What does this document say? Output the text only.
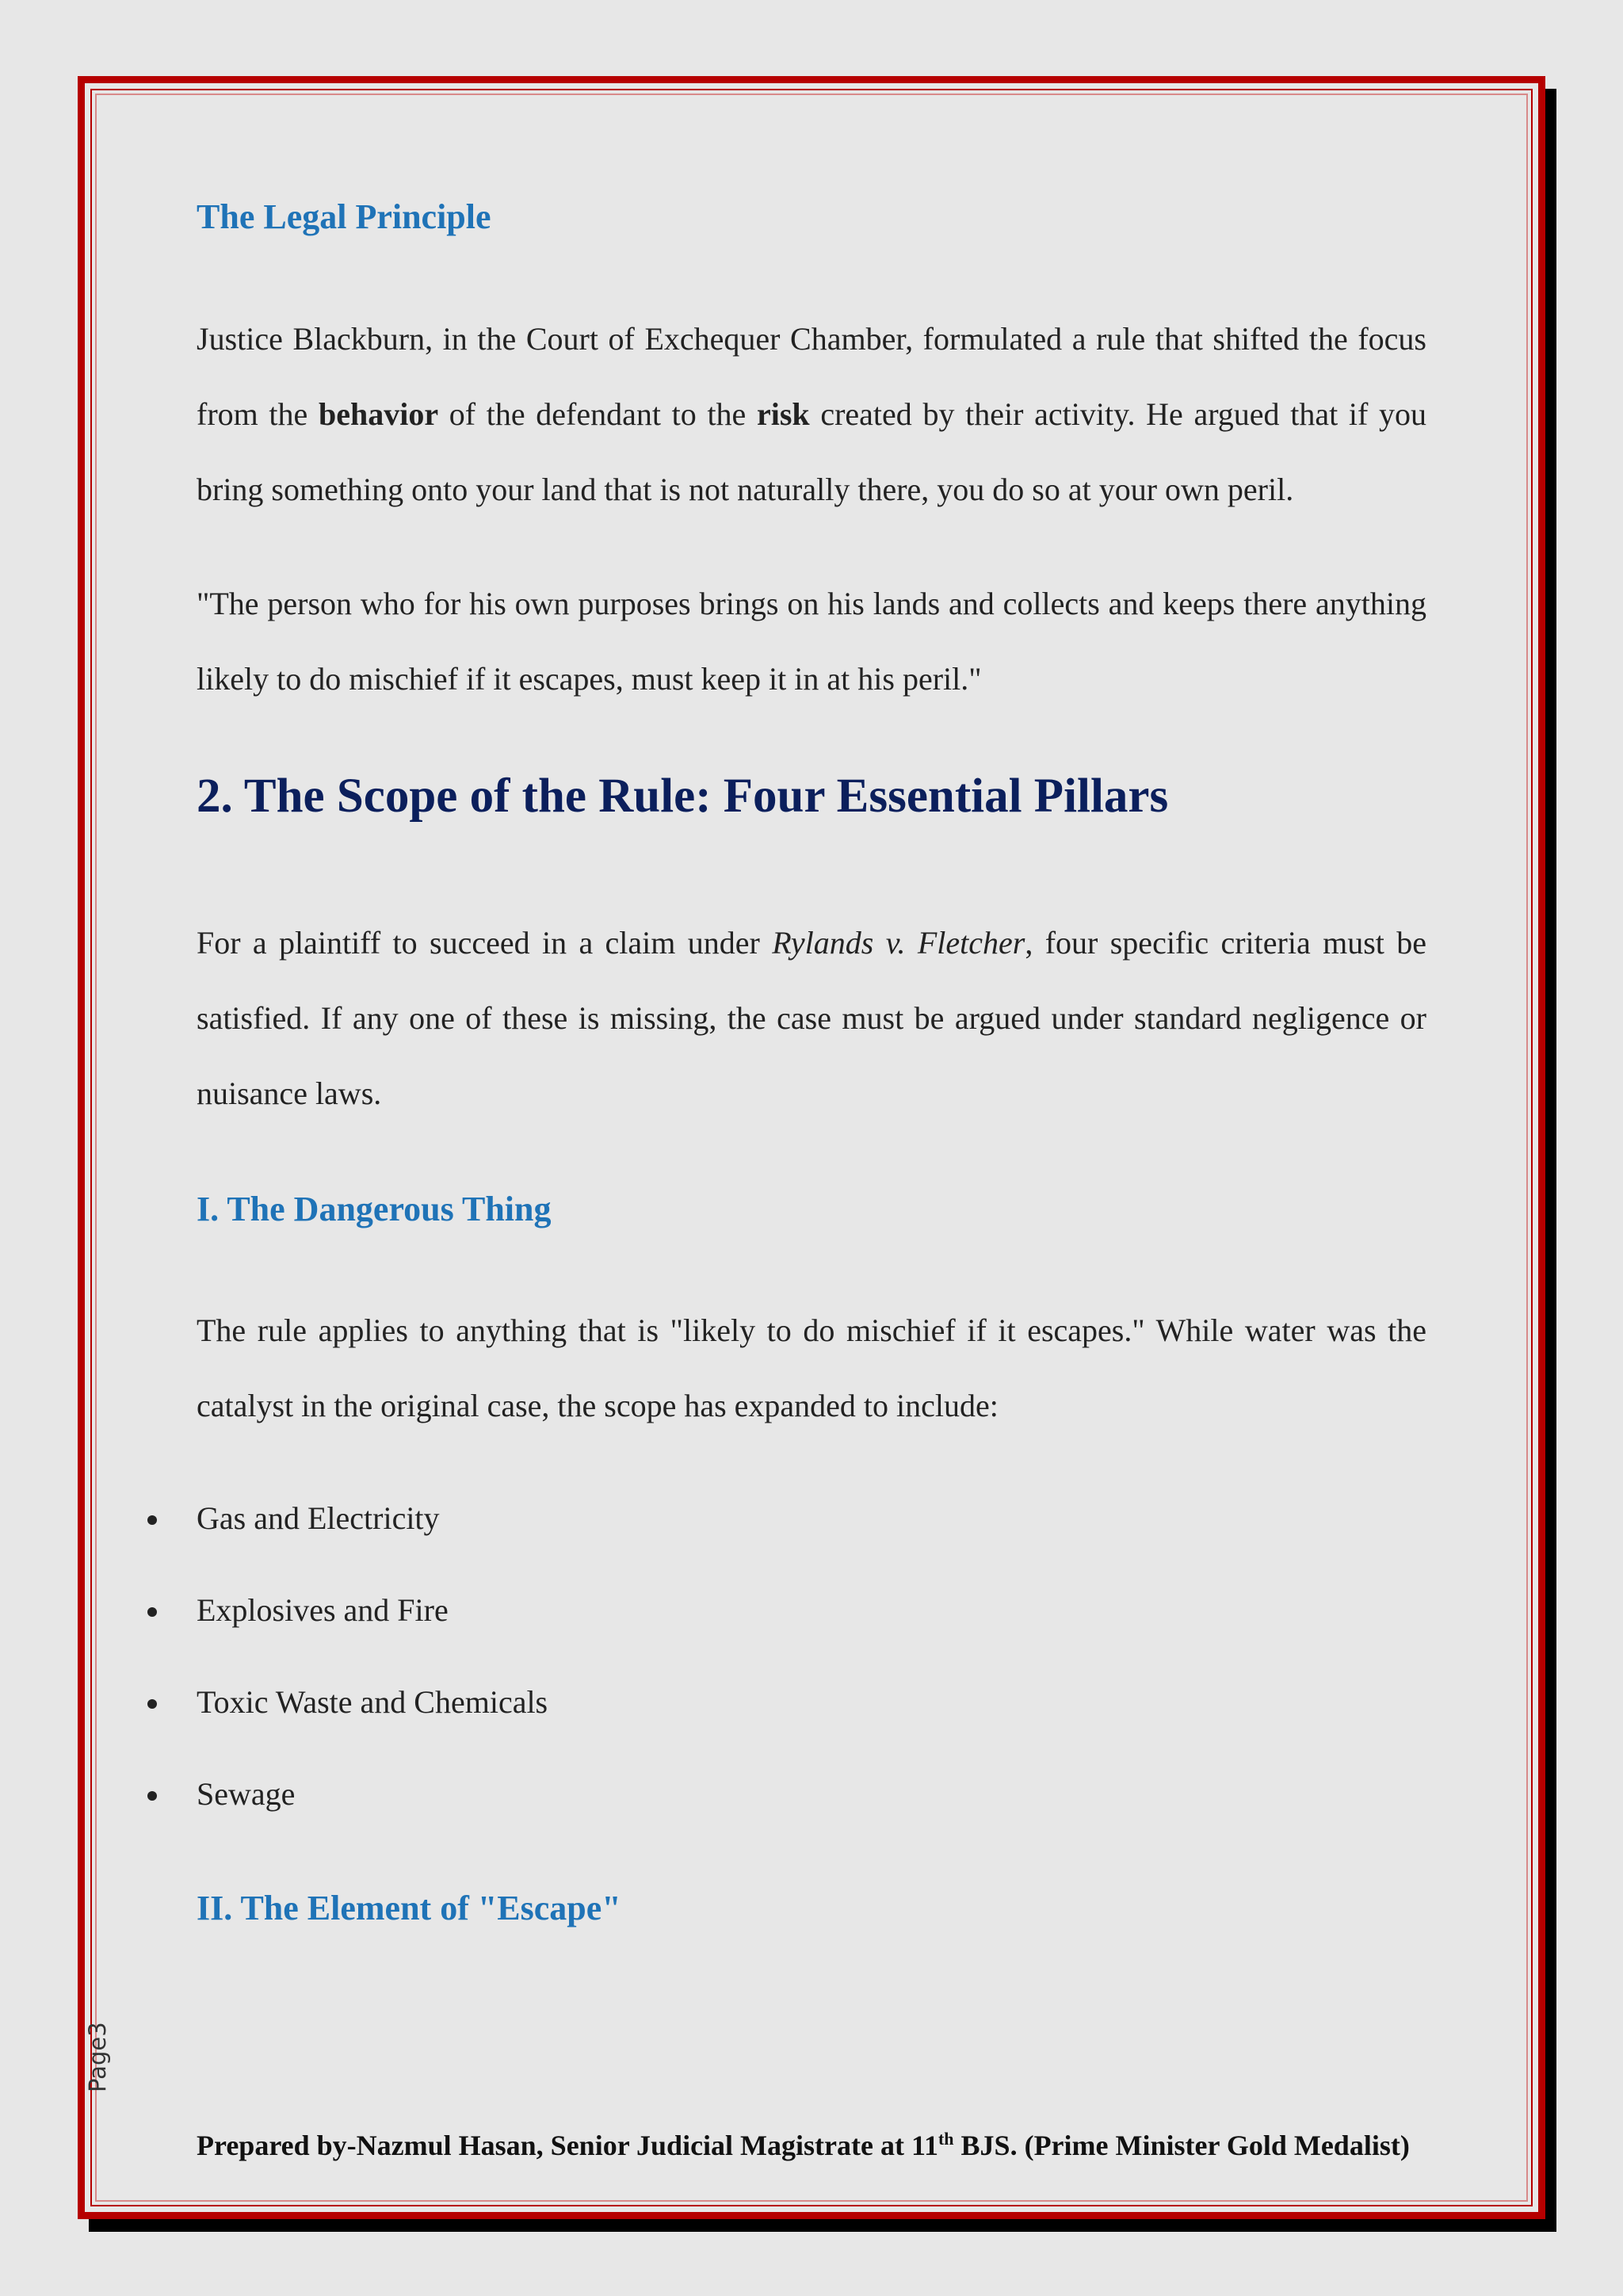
The Legal Principle

Justice Blackburn, in the Court of Exchequer Chamber, formulated a rule that shifted the focus from the behavior of the defendant to the risk created by their activity. He argued that if you bring something onto your land that is not naturally there, you do so at your own peril.

"The person who for his own purposes brings on his lands and collects and keeps there anything likely to do mischief if it escapes, must keep it in at his peril."

2. The Scope of the Rule: Four Essential Pillars

For a plaintiff to succeed in a claim under Rylands v. Fletcher, four specific criteria must be satisfied. If any one of these is missing, the case must be argued under standard negligence or nuisance laws.

I. The Dangerous Thing

The rule applies to anything that is "likely to do mischief if it escapes." While water was the catalyst in the original case, the scope has expanded to include:

Gas and Electricity
Explosives and Fire
Toxic Waste and Chemicals
Sewage
II. The Element of "Escape"
Page3
Prepared by-Nazmul Hasan, Senior Judicial Magistrate at 11th BJS. (Prime Minister Gold Medalist)
